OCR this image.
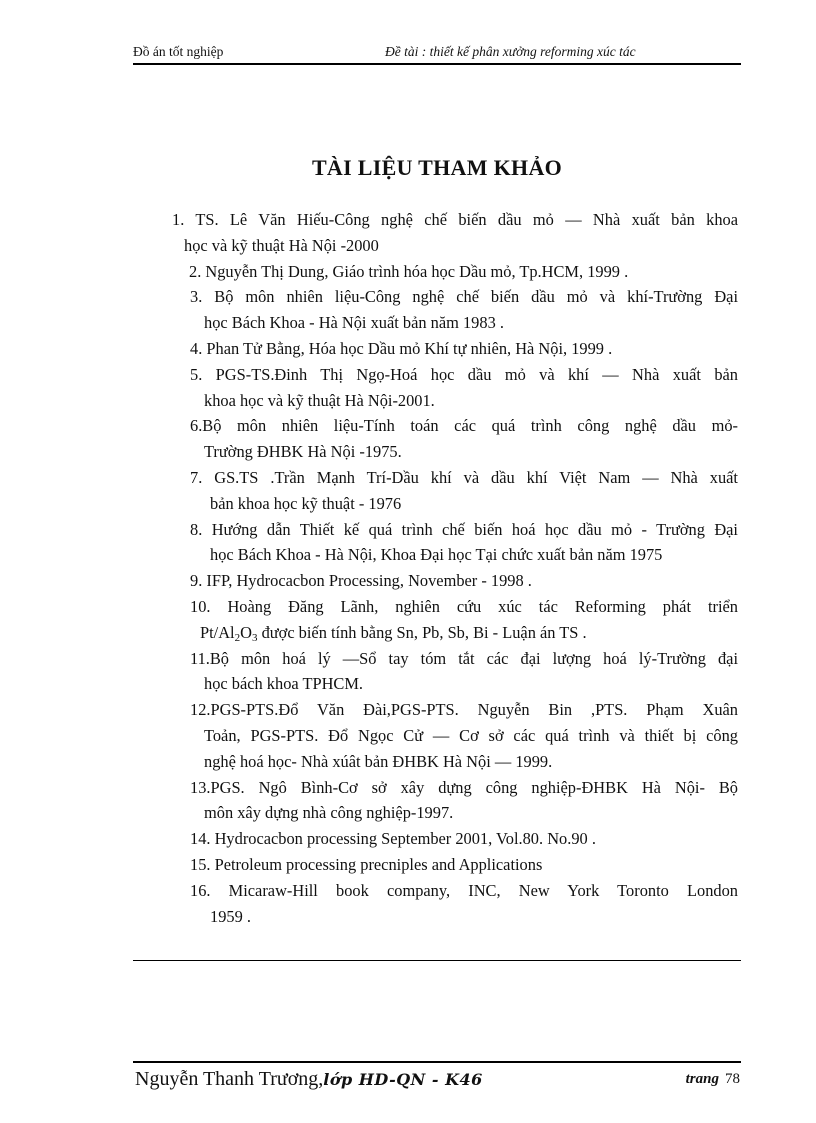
Đồ án tốt nghiệp	Đề tài : thiết kế phân xưởng reforming xúc tác
TÀI LIỆU THAM KHẢO
1. TS. Lê Văn Hiếu-Công nghệ chế biến dầu mỏ — Nhà xuất bản khoa
học và kỹ thuật Hà Nội -2000
2. Nguyễn Thị Dung, Giáo trình hóa học Dầu mỏ, Tp.HCM, 1999 .
3. Bộ môn nhiên liệu-Công nghệ chế biến dầu mỏ và khí-Trường Đại
học Bách Khoa - Hà Nội xuất bản năm 1983 .
4. Phan Tử Bằng, Hóa học Dầu mỏ Khí tự nhiên, Hà Nội, 1999 .
5. PGS-TS.Đinh Thị Ngọ-Hoá học dầu mỏ và khí — Nhà xuất bản
khoa học và kỹ thuật Hà Nội-2001.
6.Bộ môn nhiên liệu-Tính toán các quá trình công nghệ dầu mỏ-
Trường ĐHBK Hà Nội -1975.
7. GS.TS .Trần Mạnh Trí-Dầu khí và dầu khí Việt Nam — Nhà xuất
bản khoa học kỹ thuật - 1976
8. Hướng dẫn Thiết kế quá trình chế biến hoá học dầu mỏ - Trường Đại
học Bách Khoa - Hà Nội, Khoa Đại học Tại chức xuất bản năm 1975
9. IFP, Hydrocacbon Processing, November - 1998 .
10. Hoàng Đăng Lãnh, nghiên cứu xúc tác Reforming phát triển
$Pt/Al_2O_3$ được biến tính bằng Sn, Pb, Sb, Bi - Luận án TS .
11.Bộ môn hoá lý —Sổ tay tóm tắt các đại lượng hoá lý-Trường đại
học bách khoa TPHCM.
12.PGS-PTS.Đổ Văn Đài,PGS-PTS. Nguyễn Bin ,PTS. Phạm Xuân
Toản, PGS-PTS. Đổ Ngọc Cử — Cơ sở các quá trình và thiết bị công
nghệ hoá học- Nhà xúât bản ĐHBK Hà Nội — 1999.
13.PGS. Ngô Bình-Cơ sở xây dựng công nghiệp-ĐHBK Hà Nội- Bộ
môn xây dựng nhà công nghiệp-1997.
14. Hydrocacbon processing September 2001, Vol.80. No.90 .
15. Petroleum processing precniples and Applications
16. Micaraw-Hill book company, INC, New York Toronto London
1959 .
Nguyễn Thanh Trương,lớp HD-QN - K46	trang 78
